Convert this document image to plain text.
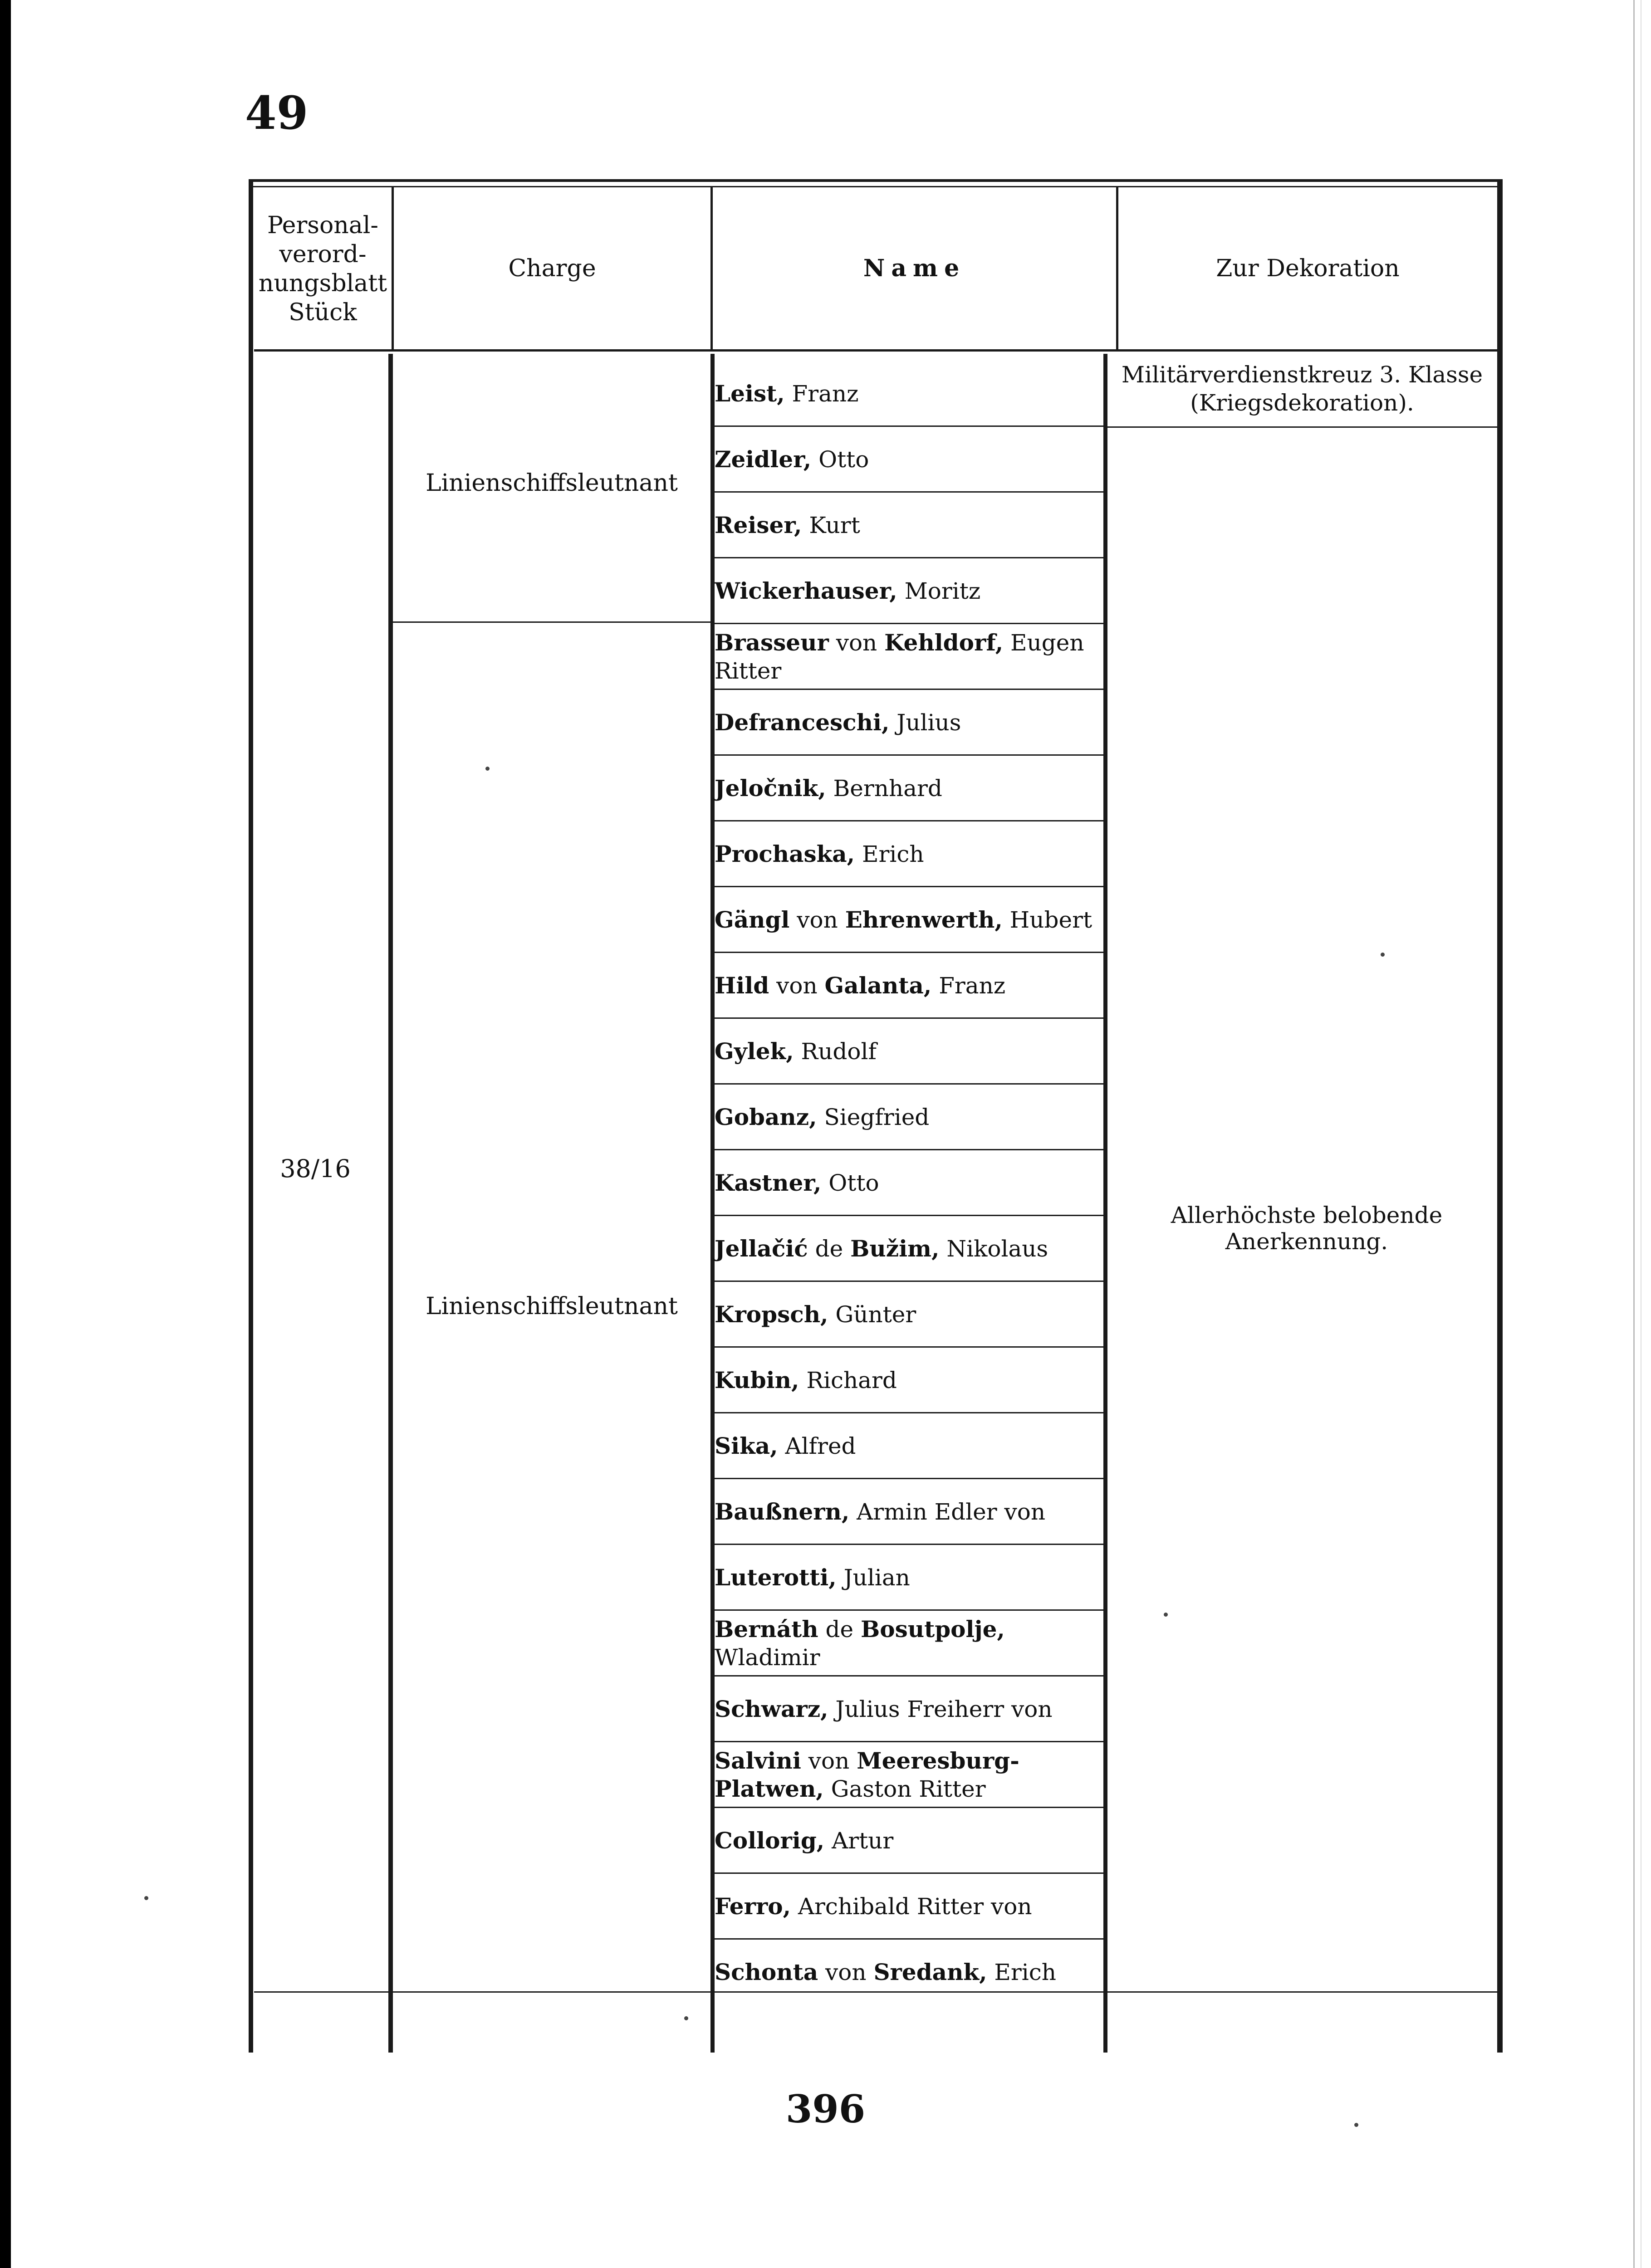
49
Personal-verord-nungsblatt Stück
Charge	Name	Zur Dekoration
38/16
Linienschiffsleutnant
Linienschiffsleutnant
Militärverdienstkreuz 3. Klasse (Kriegsdekoration).
Allerhöchste belobende Anerkennung.
Leist, Franz
Zeidler, Otto
Reiser, Kurt
Wickerhauser, Moritz
Brasseur von Kehldorf, Eugen Ritter
Defranceschi, Julius
Jeločnik, Bernhard
Prochaska, Erich
Gängl von Ehrenwerth, Hubert
Hild von Galanta, Franz
Gylek, Rudolf
Gobanz, Siegfried
Kastner, Otto
Jellačić de Bužim, Nikolaus
Kropsch, Günter
Kubin, Richard
Sika, Alfred
Baußnern, Armin Edler von
Luterotti, Julian
Bernáth de Bosutpolje, Wladimir
Schwarz, Julius Freiherr von
Salvini von Meeresburg-Platwen, Gaston Ritter
Collorig, Artur
Ferro, Archibald Ritter von
Schonta von Sredank, Erich
396
